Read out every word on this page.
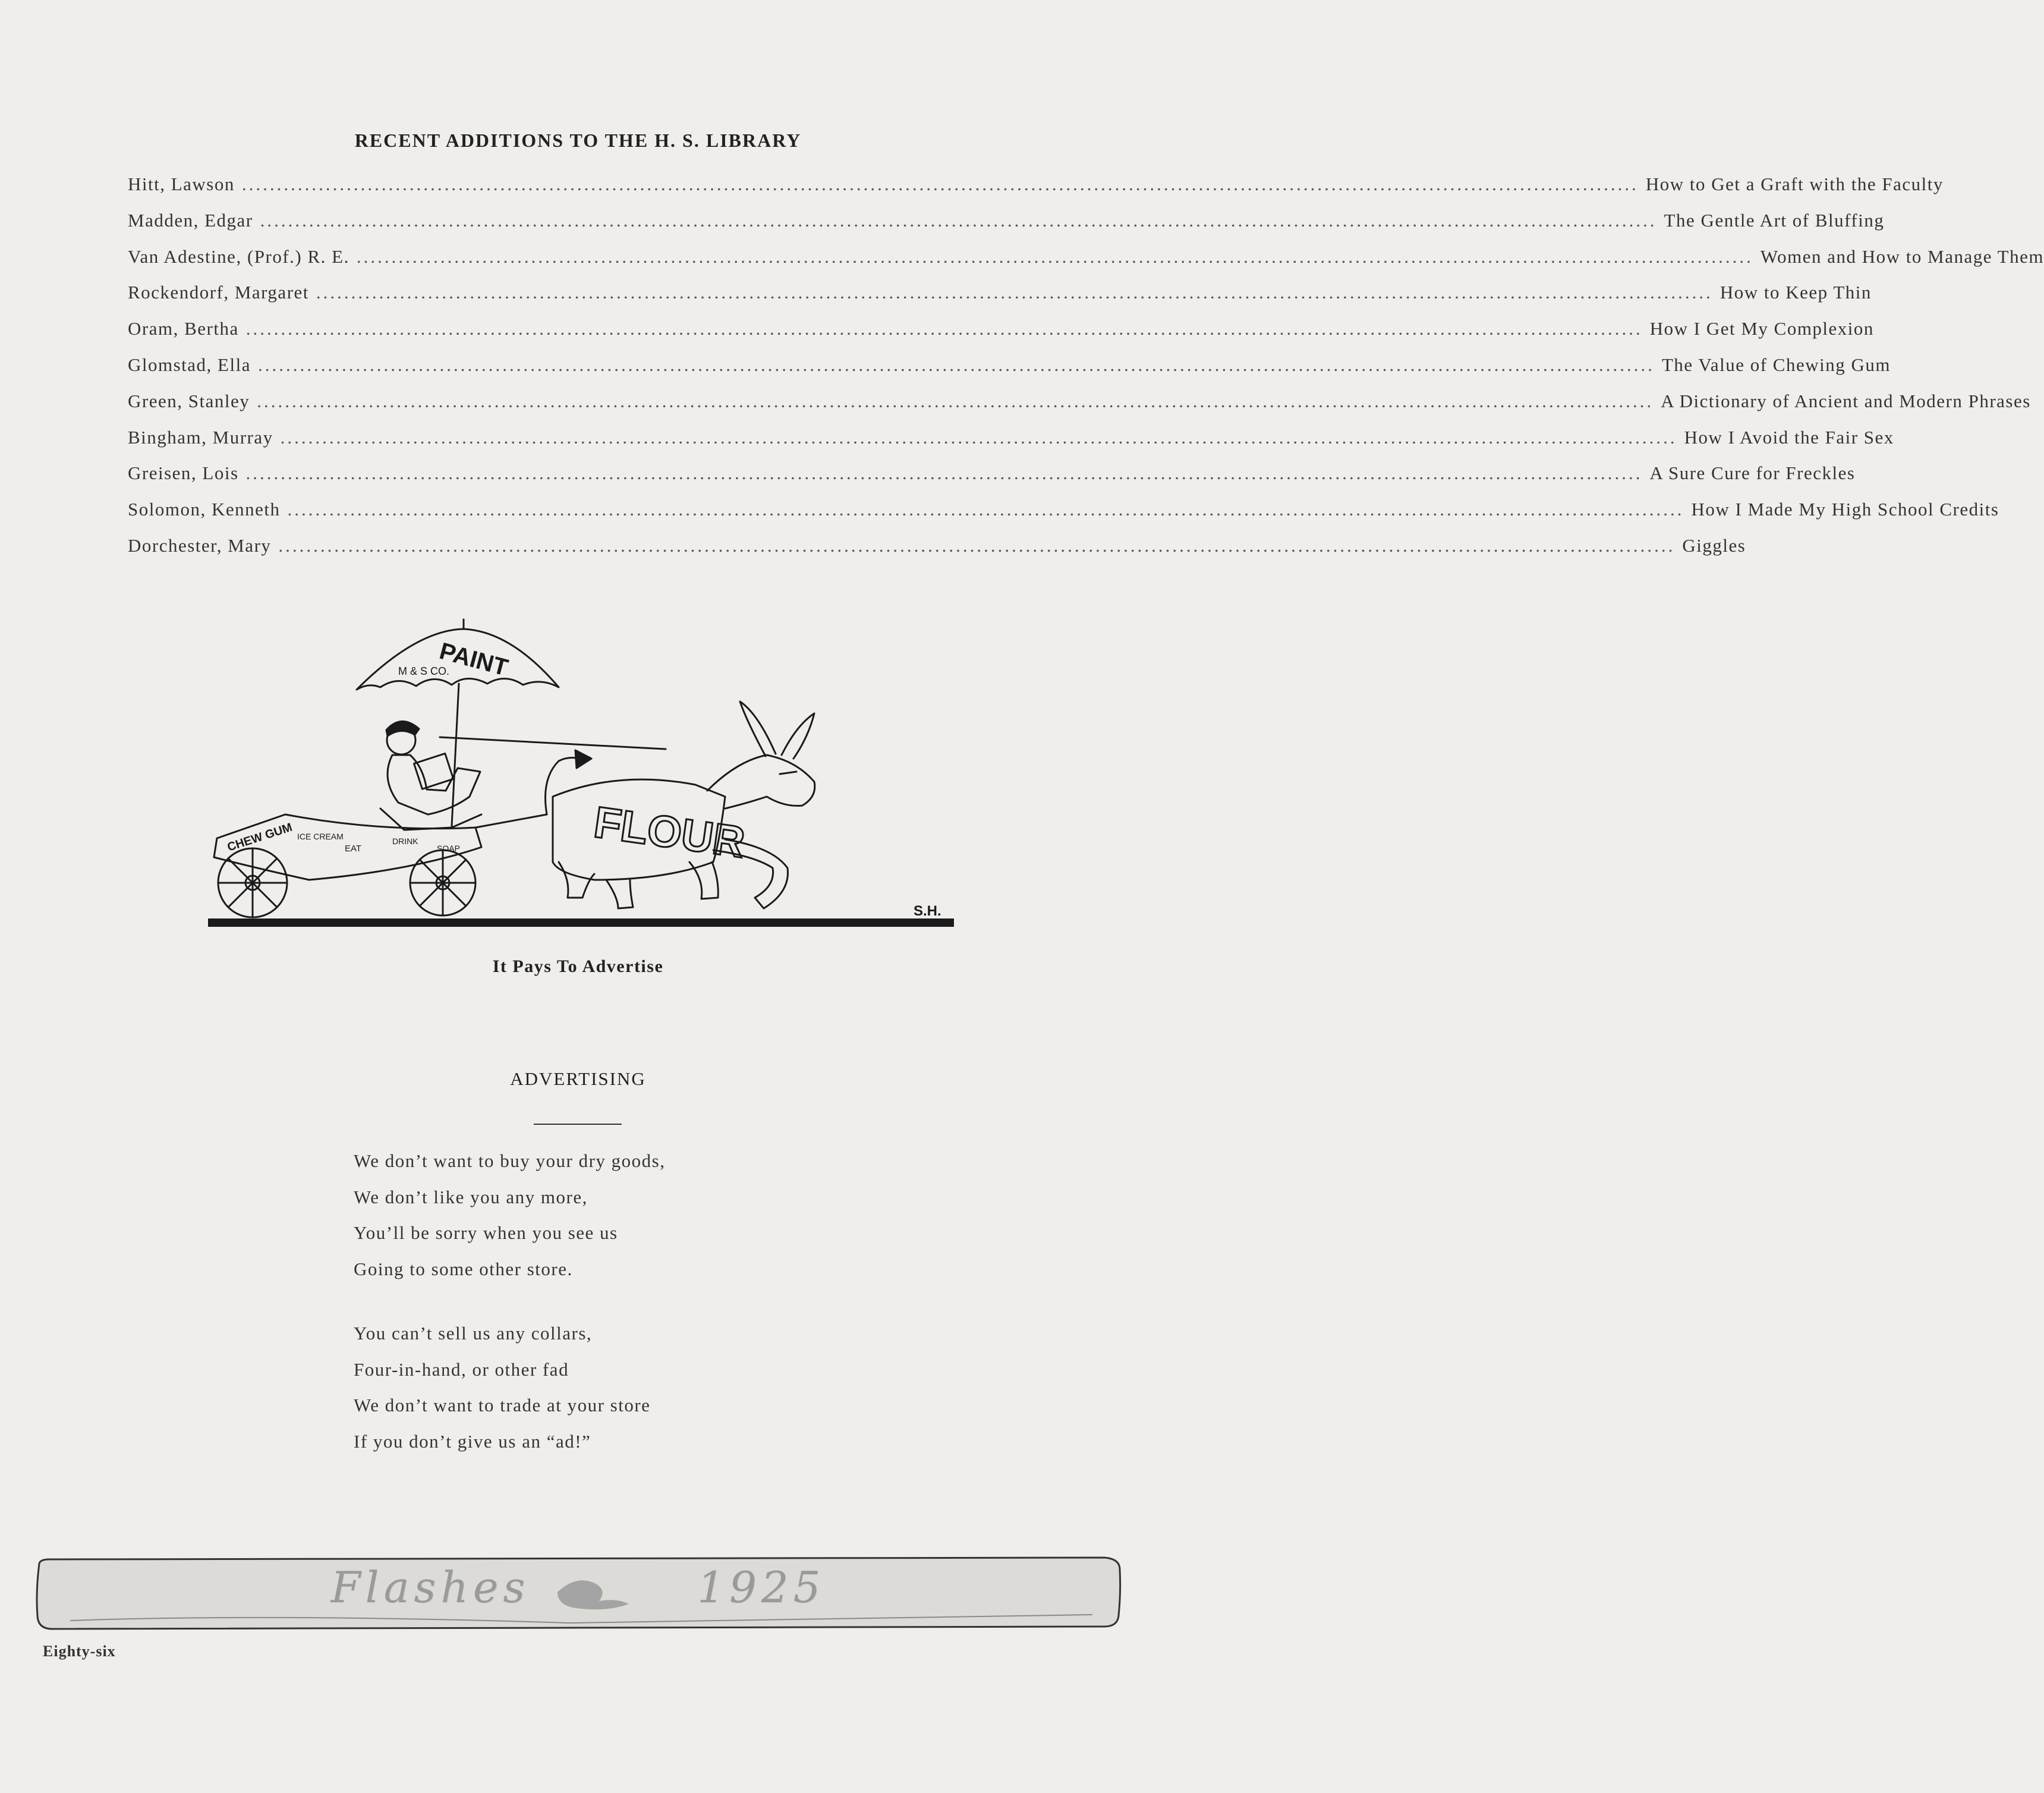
RECENT ADDITIONS TO THE H. S. LIBRARY
Hitt, Lawson ........................................................................................................................................................................................................ How to Get a Graft with the Faculty
Madden, Edgar ........................................................................................................................................................................................................ The Gentle Art of Bluffing
Van Adestine, (Prof.) R. E. ........................................................................................................................................................................................................ Women and How to Manage Them
Rockendorf, Margaret ........................................................................................................................................................................................................ How to Keep Thin
Oram, Bertha ........................................................................................................................................................................................................ How I Get My Complexion
Glomstad, Ella ........................................................................................................................................................................................................ The Value of Chewing Gum
Green, Stanley ........................................................................................................................................................................................................ A Dictionary of Ancient and Modern Phrases
Bingham, Murray ........................................................................................................................................................................................................ How I Avoid the Fair Sex
Greisen, Lois ........................................................................................................................................................................................................ A Sure Cure for Freckles
Solomon, Kenneth ........................................................................................................................................................................................................ How I Made My High School Credits
Dorchester, Mary ........................................................................................................................................................................................................ Giggles
PAINT
M & S CO.
CHEW GUM ICE CREAM
EAT
DRINK
SOAP	FLOUR
S.H.
It Pays To Advertise
ADVERTISING
We don’t want to buy your dry goods,
We don’t like you any more,
You’ll be sorry when you see us
Going to some other store.
You can’t sell us any collars,
Four-in-hand, or other fad
We don’t want to trade at your store
If you don’t give us an “ad!”
Flashes	1925
Eighty-six
